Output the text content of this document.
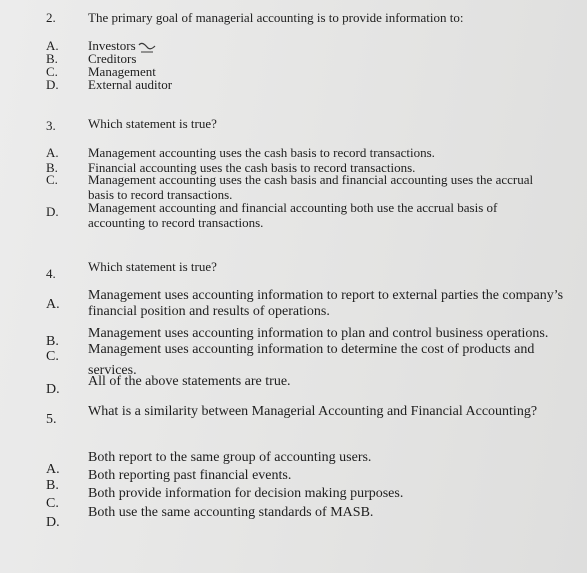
2. The primary goal of managerial accounting is to provide information to:
A. Investors
B. Creditors
C. Management
D. External auditor
3. Which statement is true?
A. Management accounting uses the cash basis to record transactions.
B. Financial accounting uses the cash basis to record transactions.
C. Management accounting uses the cash basis and financial accounting uses the accrual
basis to record transactions.
D. Management accounting and financial accounting both use the accrual basis of
accounting to record transactions.
4. Which statement is true?
A.
Management uses accounting information to report to external parties the company’s
financial position and results of operations.
B.
Management uses accounting information to plan and control business operations.
C. Management uses accounting information to determine the cost of products and
services.
D.
All of the above statements are true.
5.
What is a similarity between Managerial Accounting and Financial Accounting?
A.
Both report to the same group of accounting users.
B.
Both reporting past financial events.
C.
Both provide information for decision making purposes.
D.
Both use the same accounting standards of MASB.
